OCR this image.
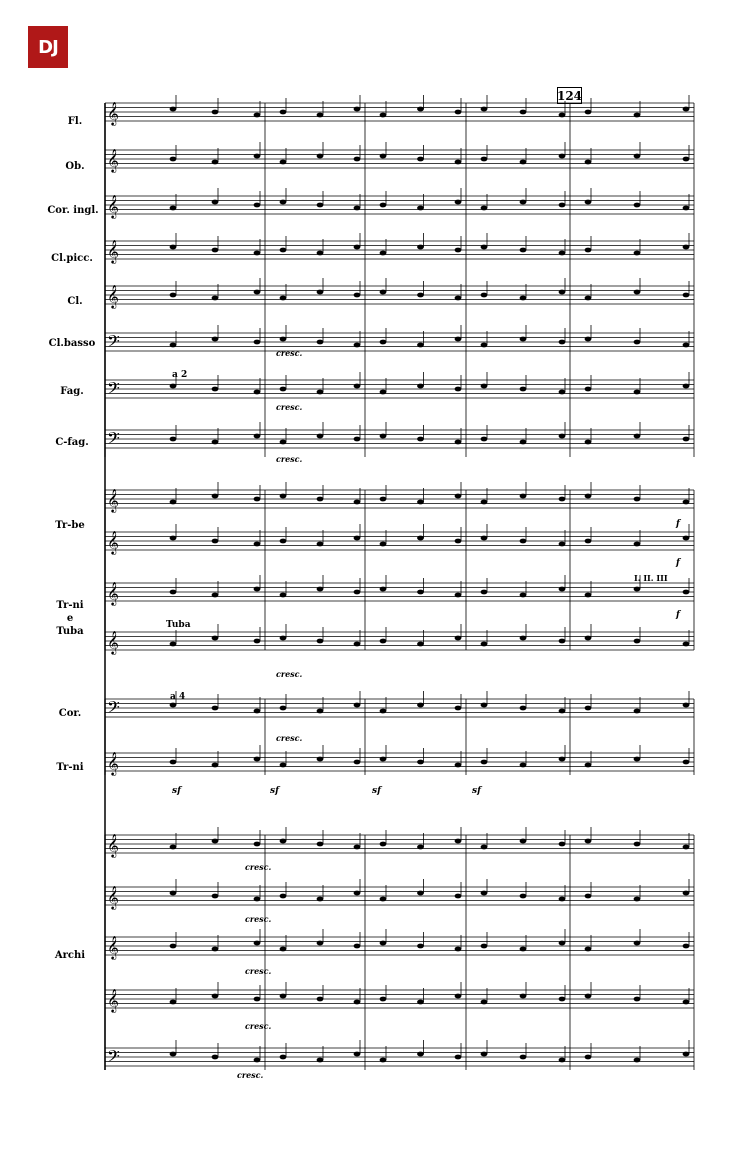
DJ
124
𝄞
𝄞
𝄞
𝄞
𝄞
𝄢
𝄢
𝄢
𝄞
𝄞
𝄞
𝄞
𝄢
𝄞
𝄞
𝄞
𝄞
𝄞
𝄢
Fl.
Ob.
Cor. ingl.
Cl.picc.
Cl.
Cl.basso
Fag.
C-fag.
Tr-be
Tr-ni
e
Tuba
Cor.
Tr-ni
Archi
a 2
Tuba
I. II. III
a 4
cresc.
cresc.
cresc.
cresc.
cresc.
cresc.
cresc.
cresc.
cresc.
cresc.
sf	sf	sf	sf
f
f
f
